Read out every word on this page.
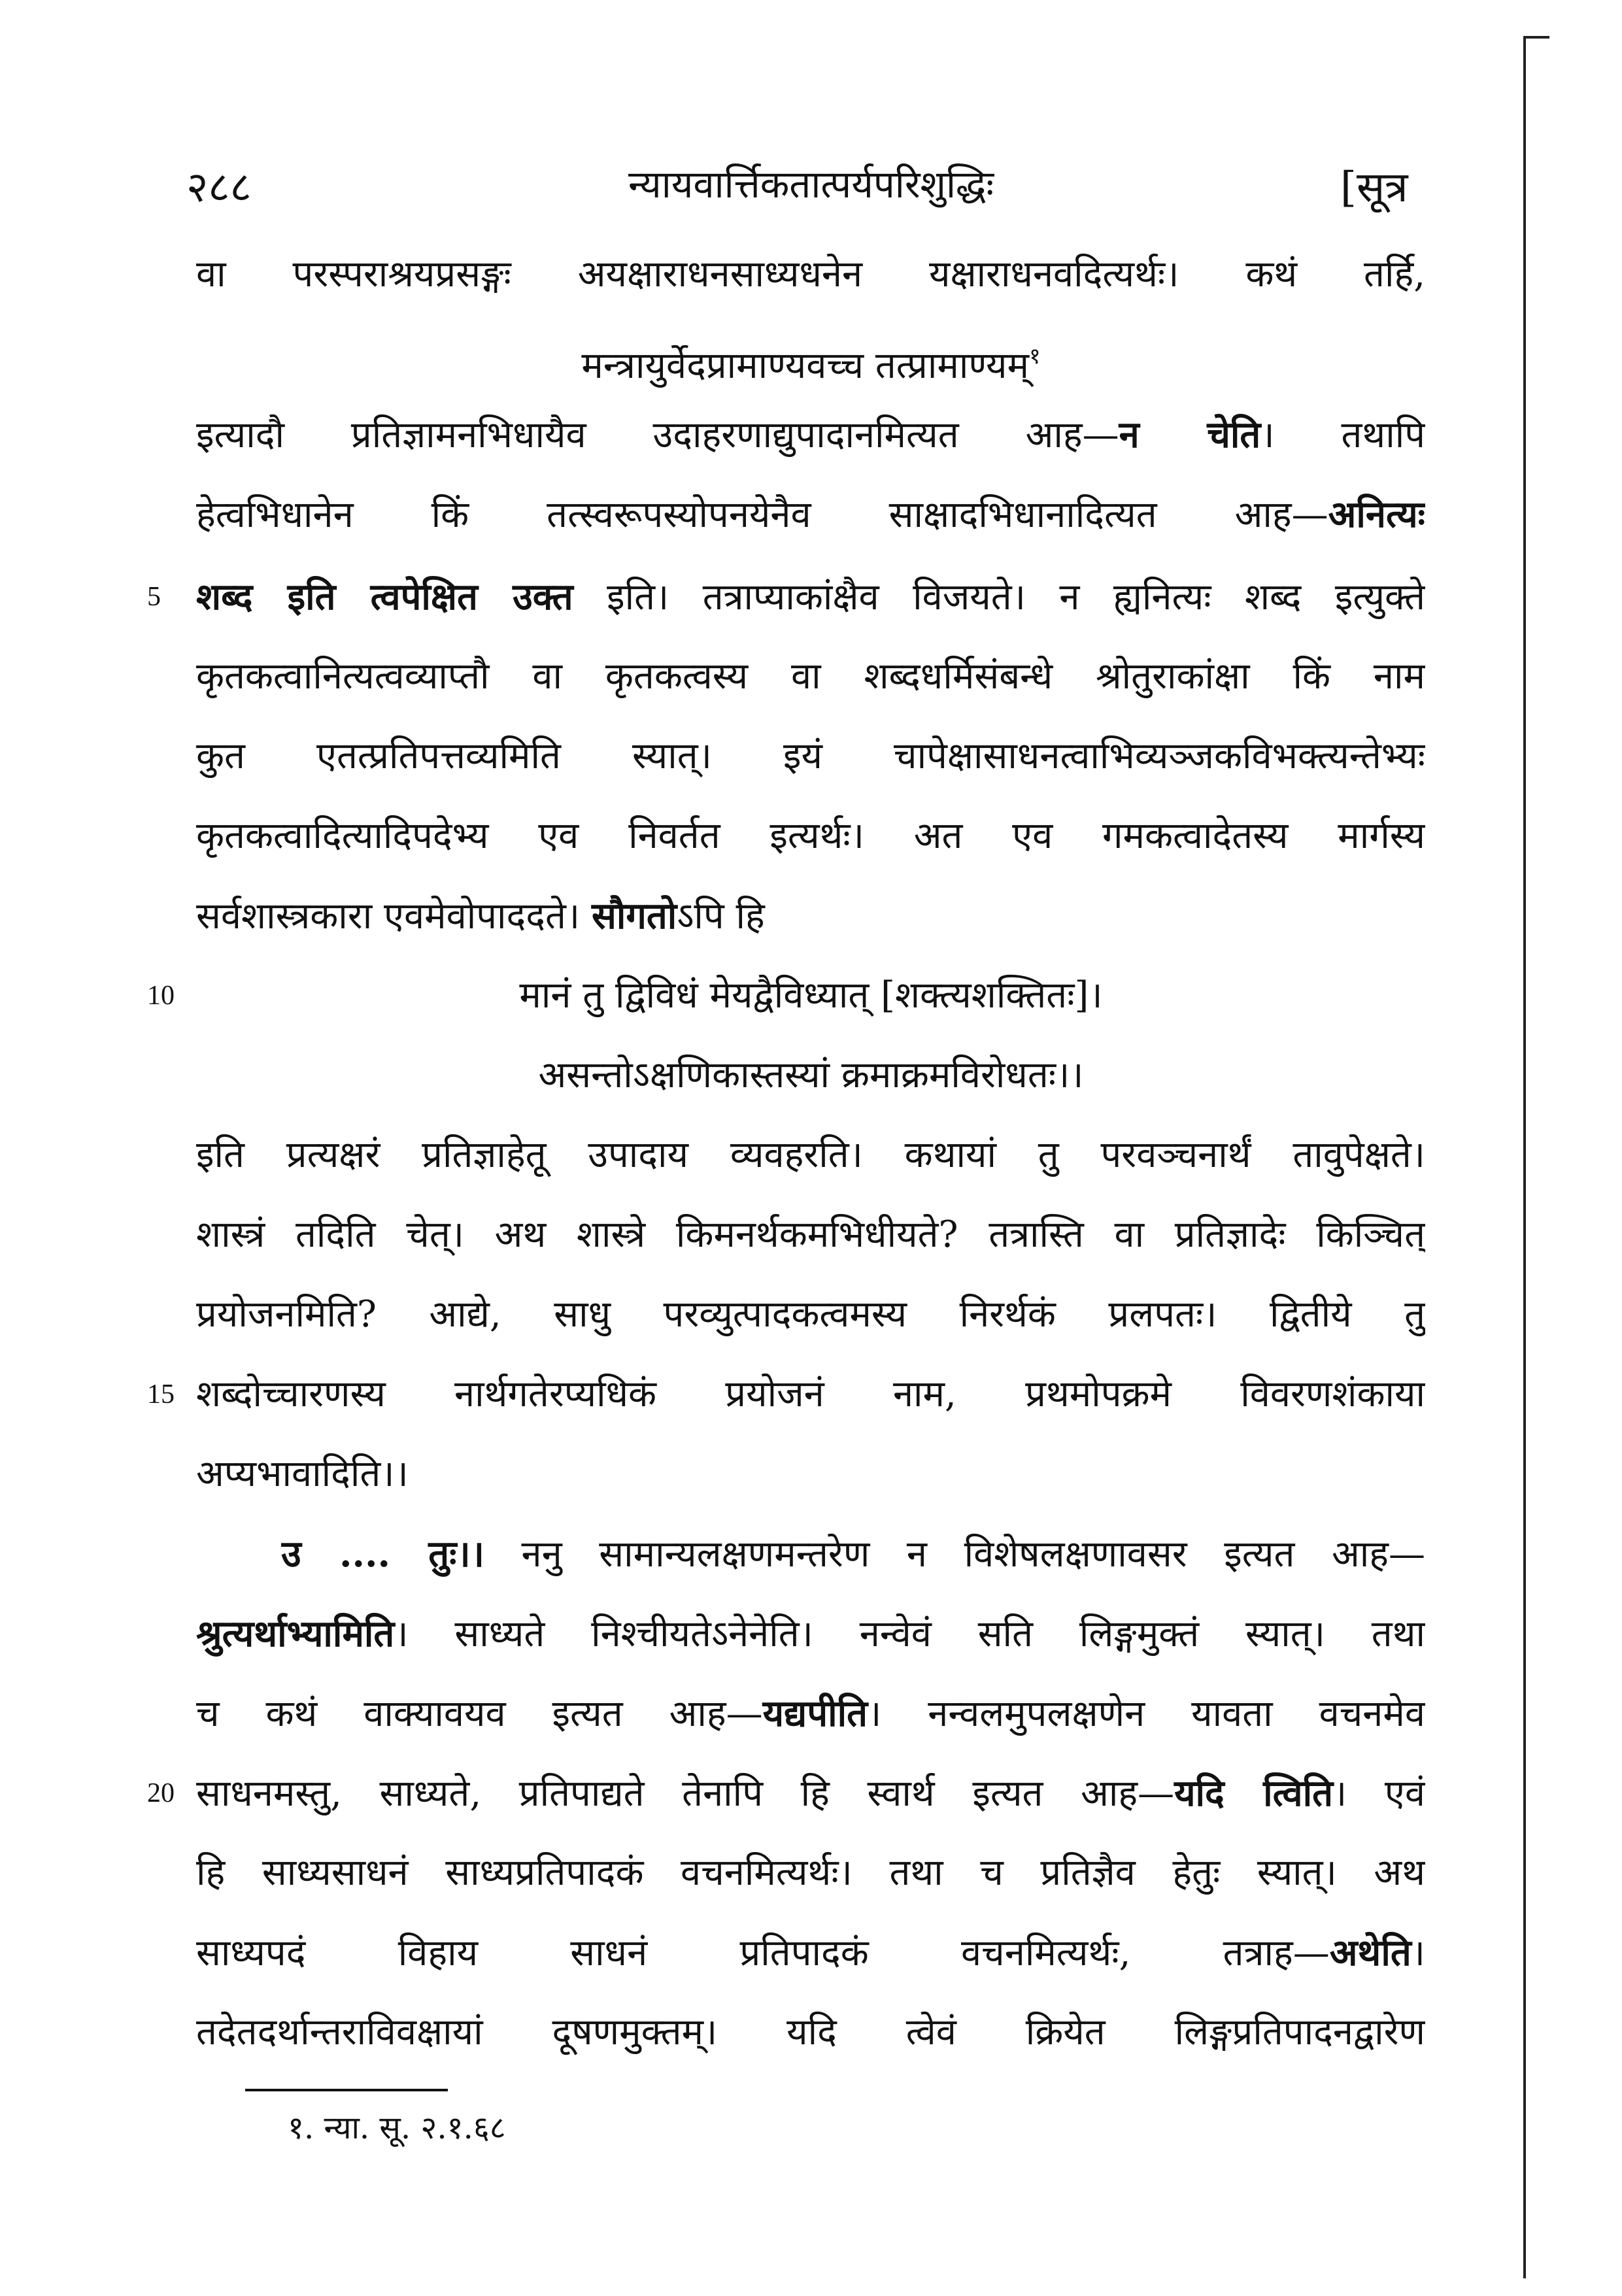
२८८	न्यायवार्त्तिकतात्पर्यपरिशुद्धिः	[सूत्र
वा परस्पराश्रयप्रसङ्गः अयक्षाराधनसाध्यधनेन यक्षाराधनवदित्यर्थः। कथं तर्हि,
मन्त्रायुर्वेदप्रामाण्यवच्च तत्प्रामाण्यम्$^१$
इत्यादौ प्रतिज्ञामनभिधायैव उदाहरणाद्युपादानमित्यत आह—न चेति। तथापि
हेत्वभिधानेन किं तत्स्वरूपस्योपनयेनैव साक्षादभिधानादित्यत आह—अनित्यः
5 शब्द इति त्वपेक्षित उक्त इति। तत्राप्याकांक्षैव विजयते। न ह्यनित्यः शब्द इत्युक्ते
कृतकत्वानित्यत्वव्याप्तौ वा कृतकत्वस्य वा शब्दधर्मिसंबन्धे श्रोतुराकांक्षा किं नाम
कुत एतत्प्रतिपत्तव्यमिति स्यात्। इयं चापेक्षासाधनत्वाभिव्यञ्जकविभक्त्यन्तेभ्यः
कृतकत्वादित्यादिपदेभ्य एव निवर्तत इत्यर्थः। अत एव गमकत्वादेतस्य मार्गस्य
सर्वशास्त्रकारा एवमेवोपाददते। सौगतोऽपि हि
10	मानं तु द्विविधं मेयद्वैविध्यात् [शक्त्यशक्तितः]।
असन्तोऽक्षणिकास्तस्यां क्रमाक्रमविरोधतः।।
इति प्रत्यक्षरं प्रतिज्ञाहेतू उपादाय व्यवहरति। कथायां तु परवञ्चनार्थं तावुपेक्षते।
शास्त्रं तदिति चेत्। अथ शास्त्रे किमनर्थकमभिधीयते? तत्रास्ति वा प्रतिज्ञादेः किञ्चित्
प्रयोजनमिति? आद्ये, साधु परव्युत्पादकत्वमस्य निरर्थकं प्रलपतः। द्वितीये तु
15 शब्दोच्चारणस्य नार्थगतेरप्यधिकं प्रयोजनं नाम, प्रथमोपक्रमे विवरणशंकाया
अप्यभावादिति।।
उ .... तुः।। ननु सामान्यलक्षणमन्तरेण न विशेषलक्षणावसर इत्यत आह—
श्रुत्यर्थाभ्यामिति। साध्यते निश्चीयतेऽनेनेति। नन्वेवं सति लिङ्गमुक्तं स्यात्। तथा
च कथं वाक्यावयव इत्यत आह—यद्यपीति। नन्वलमुपलक्षणेन यावता वचनमेव
20 साधनमस्तु, साध्यते, प्रतिपाद्यते तेनापि हि स्वार्थ इत्यत आह—यदि त्विति। एवं
हि साध्यसाधनं साध्यप्रतिपादकं वचनमित्यर्थः। तथा च प्रतिज्ञैव हेतुः स्यात्। अथ
साध्यपदं विहाय साधनं प्रतिपादकं वचनमित्यर्थः, तत्राह—अथेति।
तदेतदर्थान्तराविवक्षायां दूषणमुक्तम्। यदि त्वेवं क्रियेत लिङ्गप्रतिपादनद्वारेण
१. न्या. सू. २.१.६८
